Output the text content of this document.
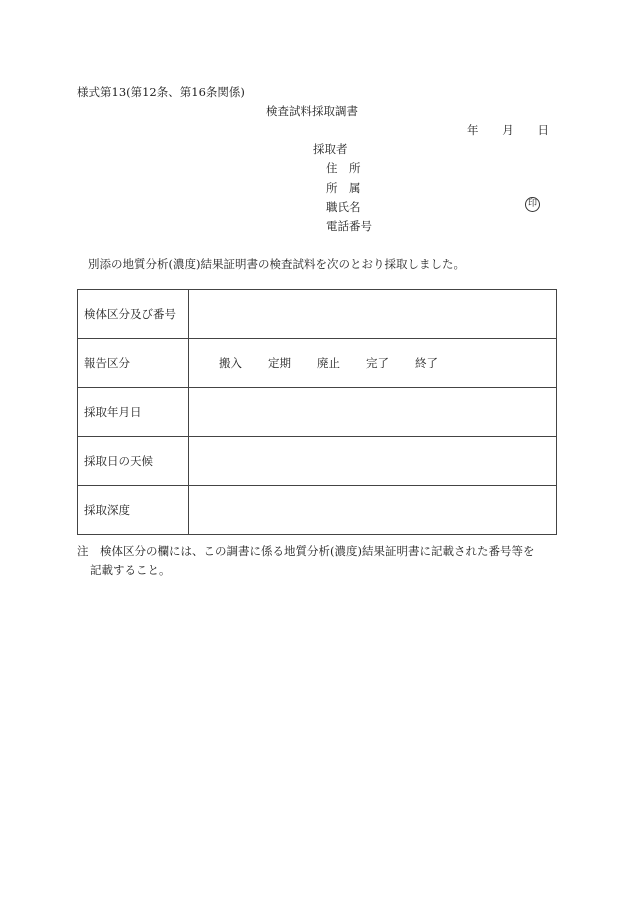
様式第13(第12条、第16条関係)
検査試料採取調書
年 月 日
採取者
住　所
所　属
職氏名	印
電話番号
別添の地質分析(濃度)結果証明書の検査試料を次のとおり採取しました。
検体区分及び番号	
報告区分	搬入 定期 廃止 完了 終了

採取年月日	
採取日の天候	
採取深度	
注　検体区分の欄には、この調書に係る地質分析(濃度)結果証明書に記載された番号等を
記載すること。
